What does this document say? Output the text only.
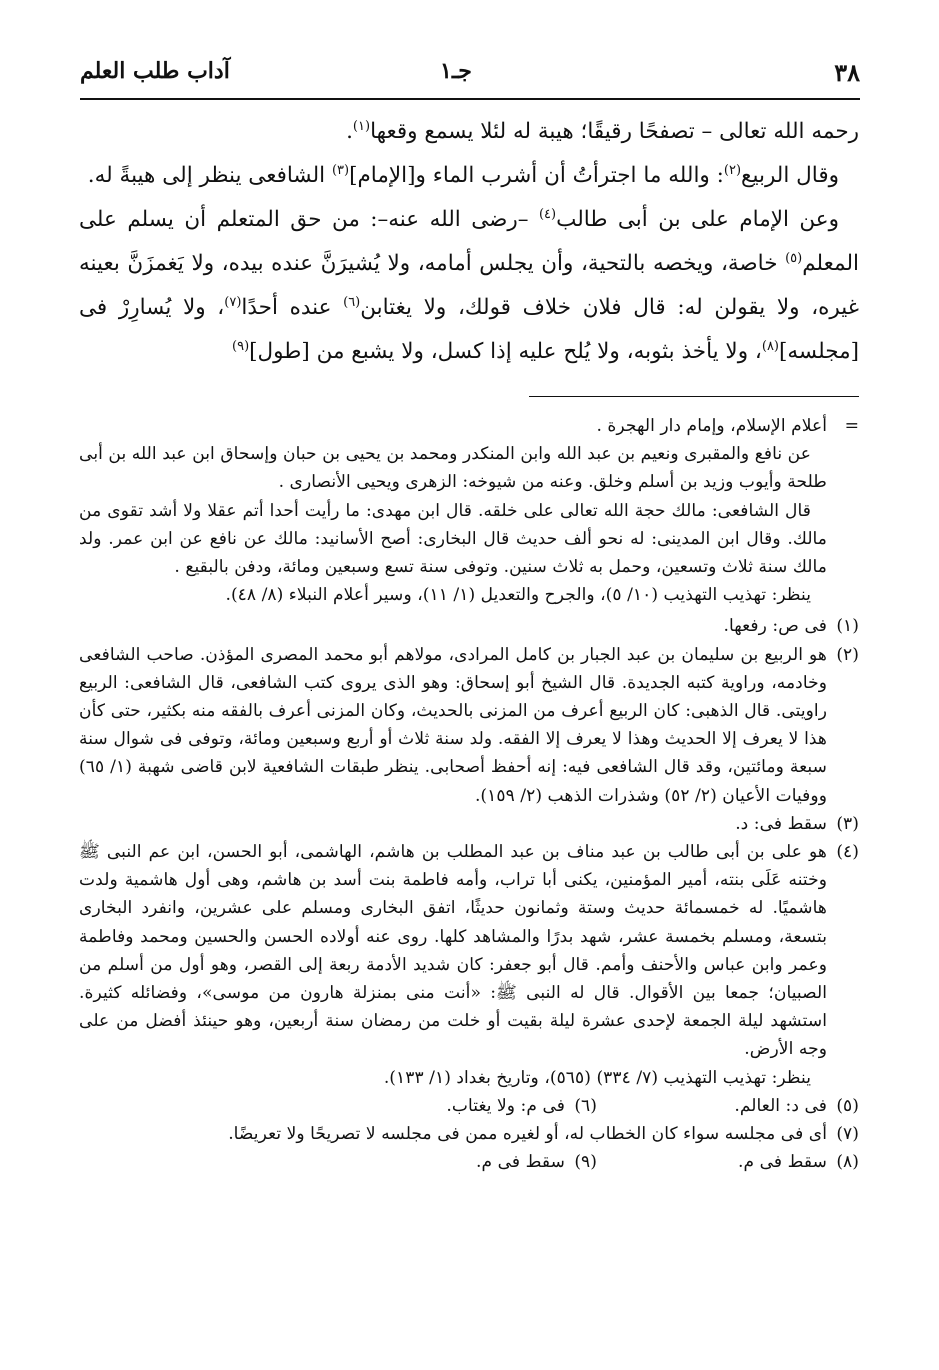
٣٨
جـ١
آداب طلب العلم

رحمه الله تعالى – تصفحًا رقيقًا؛ هيبة له لئلا يسمع وقعها$^{(١)}$.

وقال الربيع$^{(٢)}$: والله ما اجترأتُ أن أشرب الماء و[الإمام]$^{(٣)}$ الشافعى ينظر إلى هيبةً له.

وعن الإمام على بن أبى طالب$^{(٤)}$ –رضى الله عنه–: من حق المتعلم أن يسلم على المعلم$^{(٥)}$ خاصة، ويخصه بالتحية، وأن يجلس أمامه، ولا يُشيرَنَّ عنده بيده، ولا يَغمزَنَّ بعينه غيره، ولا يقولن له: قال فلان خلاف قولك، ولا يغتابن$^{(٦)}$ عنده أحدًا$^{(٧)}$، ولا يُسارِرْ فى [مجلسه]$^{(٨)}$، ولا يأخذ بثوبه، ولا يُلح عليه إذا كسل، ولا يشبع من [طول]$^{(٩)}$

=

أعلام الإسلام، وإمام دار الهجرة .

عن نافع والمقبرى ونعيم بن عبد الله وابن المنكدر ومحمد بن يحيى بن حبان وإسحاق ابن عبد الله بن أبى طلحة وأيوب وزيد بن أسلم وخلق. وعنه من شيوخه: الزهرى ويحيى الأنصارى .

قال الشافعى: مالك حجة الله تعالى على خلقه. قال ابن مهدى: ما رأيت أحدا أتم عقلا ولا أشد تقوى من مالك. وقال ابن المدينى: له نحو ألف حديث قال البخارى: أصح الأسانيد: مالك عن نافع عن ابن عمر. ولد مالك سنة ثلاث وتسعين، وحمل به ثلاث سنين. وتوفى سنة تسع وسبعين ومائة، ودفن بالبقيع .

ينظر: تهذيب التهذيب (١٠/ ٥)، والجرح والتعديل (١/ ١١)، وسير أعلام النبلاء (٨/ ٤٨).

(١)

فى ص: رفعها.

(٢)

هو الربيع بن سليمان بن عبد الجبار بن كامل المرادى، مولاهم أبو محمد المصرى المؤذن. صاحب الشافعى وخادمه، وراوية كتبه الجديدة. قال الشيخ أبو إسحاق: وهو الذى يروى كتب الشافعى، قال الشافعى: الربيع راويتى. قال الذهبى: كان الربيع أعرف من المزنى بالحديث، وكان المزنى أعرف بالفقه منه بكثير، حتى كأن هذا لا يعرف إلا الحديث وهذا لا يعرف إلا الفقه. ولد سنة ثلاث أو أربع وسبعين ومائة، وتوفى فى شوال سنة سبعة ومائتين، وقد قال الشافعى فيه: إنه أحفظ أصحابى. ينظر طبقات الشافعية لابن قاضى شهبة (١/ ٦٥) ووفيات الأعيان (٢/ ٥٢) وشذرات الذهب (٢/ ١٥٩).

(٣)

سقط فى: د.

(٤)

هو على بن أبى طالب بن عبد مناف بن عبد المطلب بن هاشم، الهاشمى، أبو الحسن، ابن عم النبى ﷺ وختنه عَلَى بنته، أمير المؤمنين، يكنى أبا تراب، وأمه فاطمة بنت أسد بن هاشم، وهى أول هاشمية ولدت هاشميًا. له خمسمائة حديث وستة وثمانون حديثًا، اتفق البخارى ومسلم على عشرين، وانفرد البخارى بتسعة، ومسلم بخمسة عشر، شهد بدرًا والمشاهد كلها. روى عنه أولاده الحسن والحسين ومحمد وفاطمة وعمر وابن عباس والأحنف وأمم. قال أبو جعفر: كان شديد الأدمة ربعة إلى القصر، وهو أول من أسلم من الصبيان؛ جمعا بين الأقوال. قال له النبى ﷺ: «أنت منى بمنزلة هارون من موسى»، وفضائله كثيرة. استشهد ليلة الجمعة لإحدى عشرة ليلة بقيت أو خلت من رمضان سنة أربعين، وهو حينئذ أفضل من على وجه الأرض.

ينظر: تهذيب التهذيب (٧/ ٣٣٤) (٥٦٥)، وتاريخ بغداد (١/ ١٣٣).

(٥)
فى د: العالم.
(٦)
فى م: ولا يغتاب.
(٧)

أى فى مجلسه سواء كان الخطاب له، أو لغيره ممن فى مجلسه لا تصريحًا ولا تعريضًا.

(٨)
سقط فى م.
(٩)
سقط فى م.
